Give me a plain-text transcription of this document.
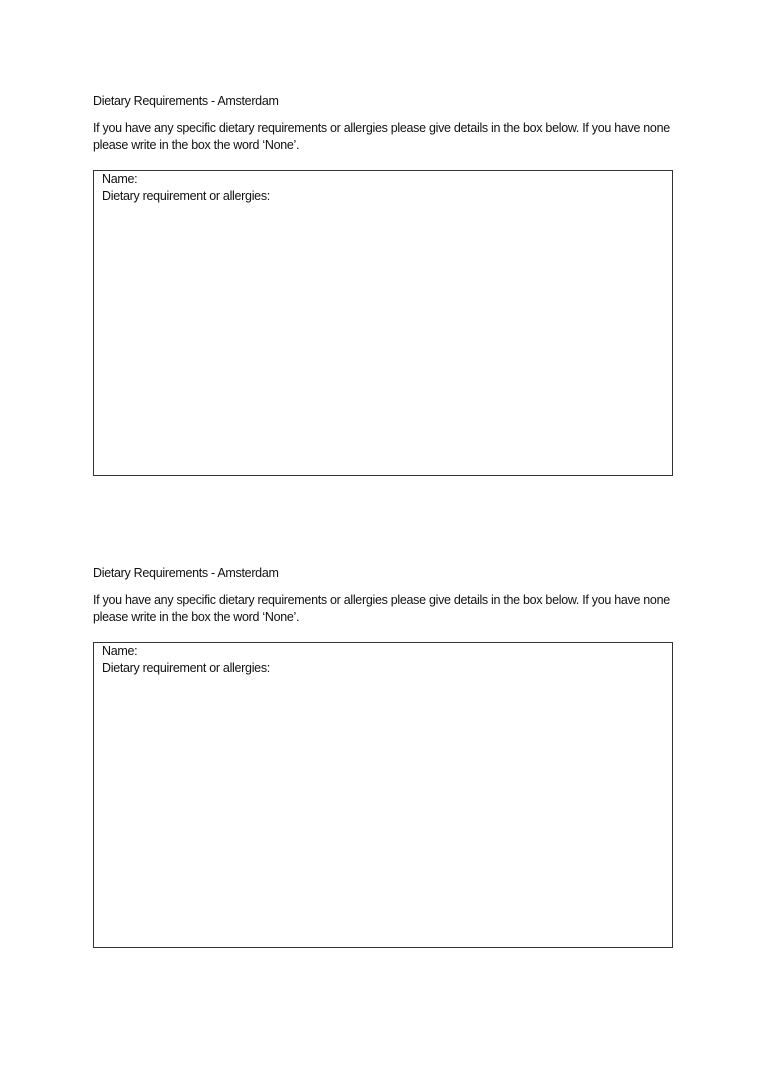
Dietary Requirements - Amsterdam

If you have any specific dietary requirements or allergies please give details in the box below. If you have none please write in the box the word ‘None’.

Name:
Dietary requirement or allergies:

Dietary Requirements - Amsterdam

If you have any specific dietary requirements or allergies please give details in the box below. If you have none please write in the box the word ‘None’.

Name:
Dietary requirement or allergies:
